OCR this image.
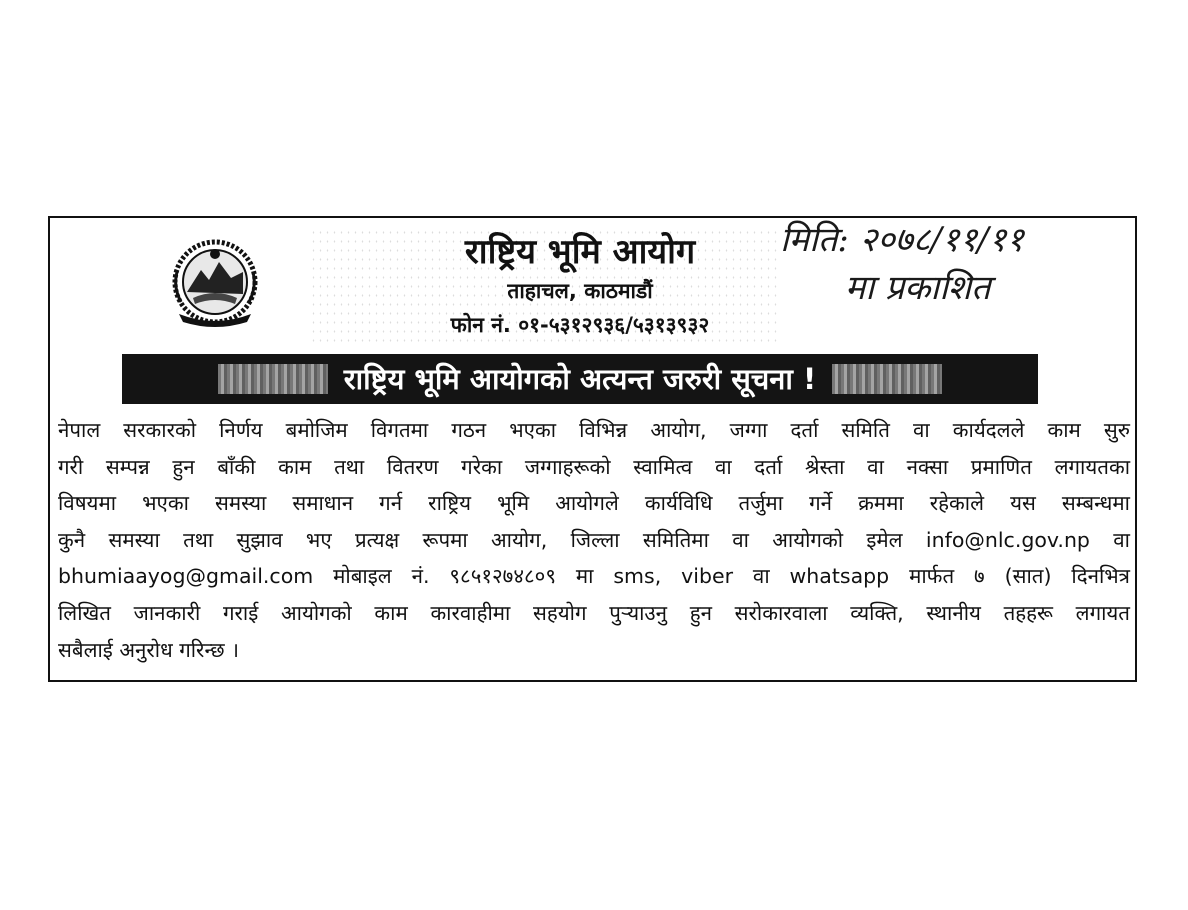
राष्ट्रिय भूमि आयोग
ताहाचल, काठमाडौं
फोन नं. ०१-५३१२९३६/५३१३९३२
मिति: २०७८/११/११
मा प्रकाशित
राष्ट्रिय भूमि आयोगको अत्यन्त जरुरी सूचना !
नेपाल सरकारको निर्णय बमोजिम विगतमा गठन भएका विभिन्न आयोग, जग्गा दर्ता समिति वा कार्यदलले काम सुरु
गरी सम्पन्न हुन बाँकी काम तथा वितरण गरेका जग्गाहरूको स्वामित्व वा दर्ता श्रेस्ता वा नक्सा प्रमाणित लगायतका
विषयमा भएका समस्या समाधान गर्न राष्ट्रिय भूमि आयोगले कार्यविधि तर्जुमा गर्ने क्रममा रहेकाले यस सम्बन्धमा
कुनै समस्या तथा सुझाव भए प्रत्यक्ष रूपमा आयोग, जिल्ला समितिमा वा आयोगको इमेल info@nlc.gov.np वा
bhumiaayog@gmail.com मोबाइल नं. ९८५१२७४८०९ मा sms, viber वा whatsapp मार्फत ७ (सात) दिनभित्र
लिखित जानकारी गराई आयोगको काम कारवाहीमा सहयोग पुऱ्याउनु हुन सरोकारवाला व्यक्ति, स्थानीय तहहरू लगायत
सबैलाई अनुरोध गरिन्छ ।
